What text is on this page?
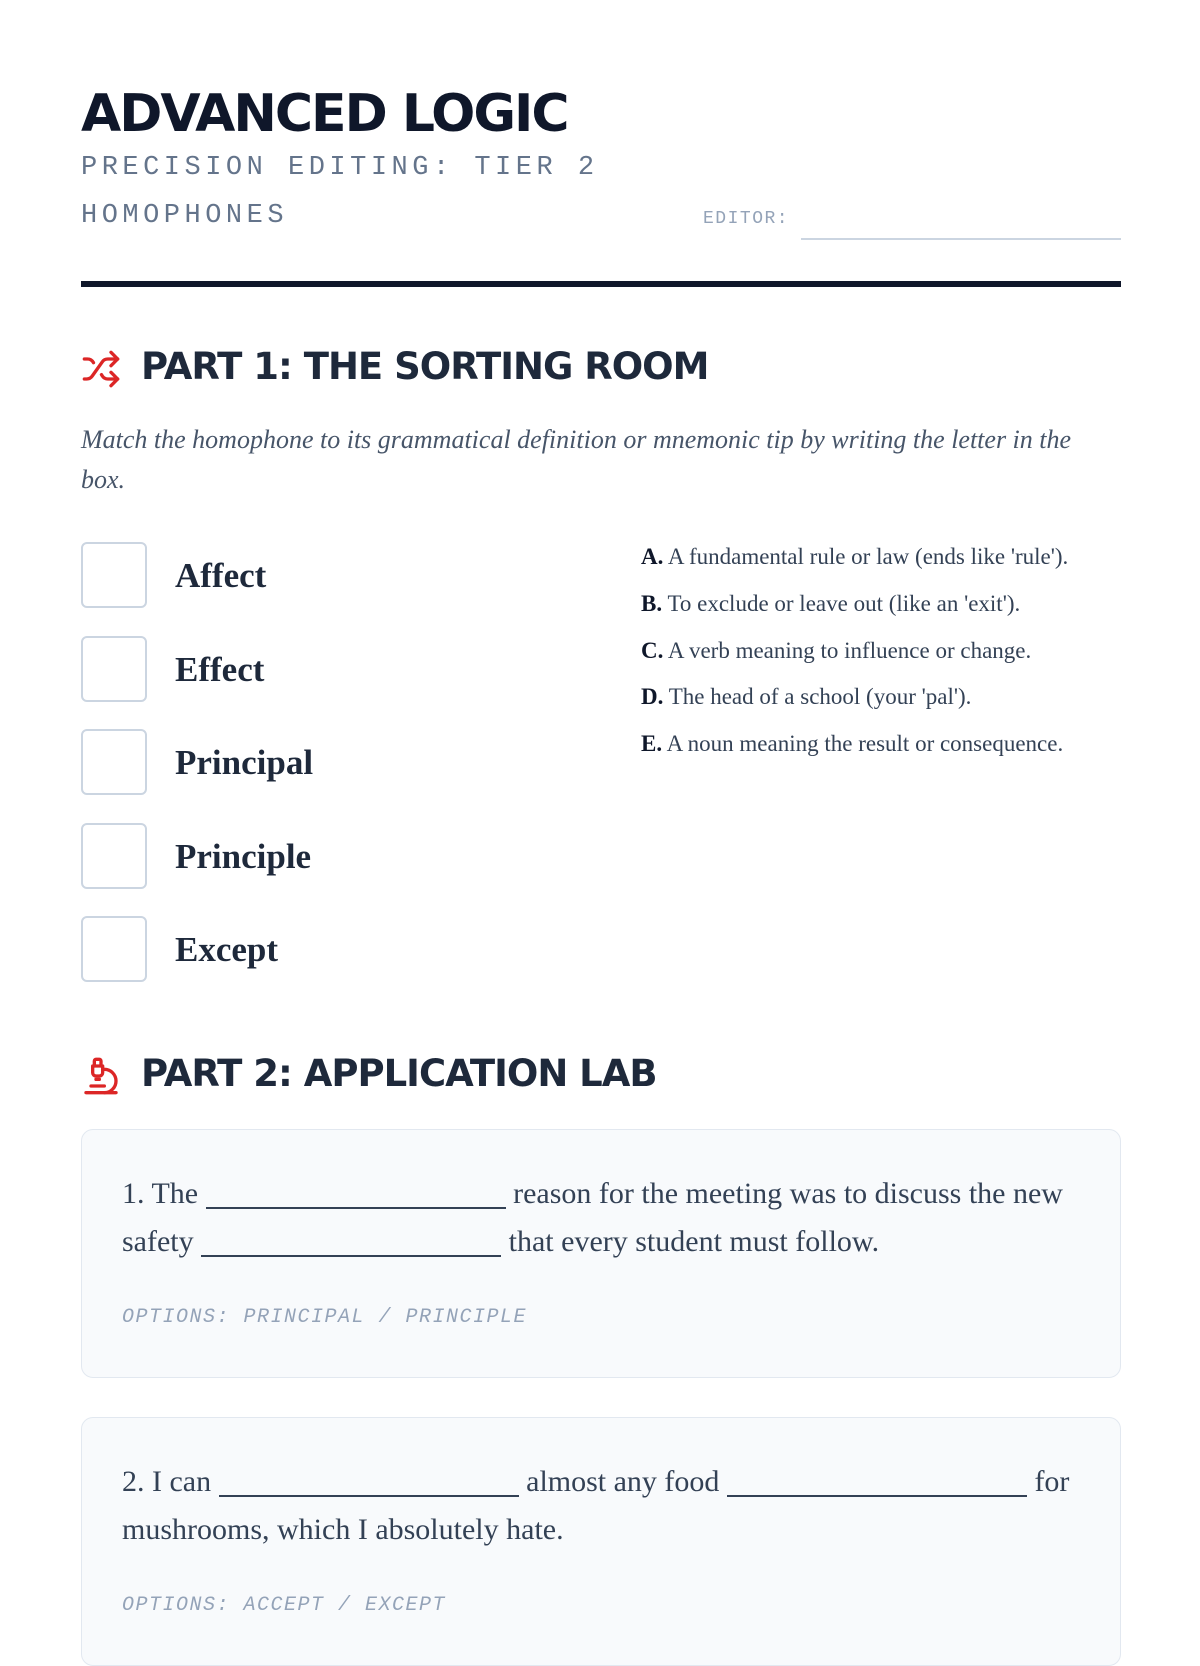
ADVANCED LOGIC
PRECISION EDITING: TIER 2
HOMOPHONES	EDITOR:
PART 1: THE SORTING ROOM

Match the homophone to its grammatical definition or mnemonic tip by writing the letter in the box.

Affect
Effect
Principal
Principle
Except
A. A fundamental rule or law (ends like 'rule').
B. To exclude or leave out (like an 'exit').
C. A verb meaning to influence or change.
D. The head of a school (your 'pal').
E. A noun meaning the result or consequence.
PART 2: APPLICATION LAB

1. The	reason for the meeting was to discuss the new safety	that every student must follow.

OPTIONS: PRINCIPAL / PRINCIPLE

2. I can	almost any food	for mushrooms, which I absolutely hate.

OPTIONS: ACCEPT / EXCEPT
